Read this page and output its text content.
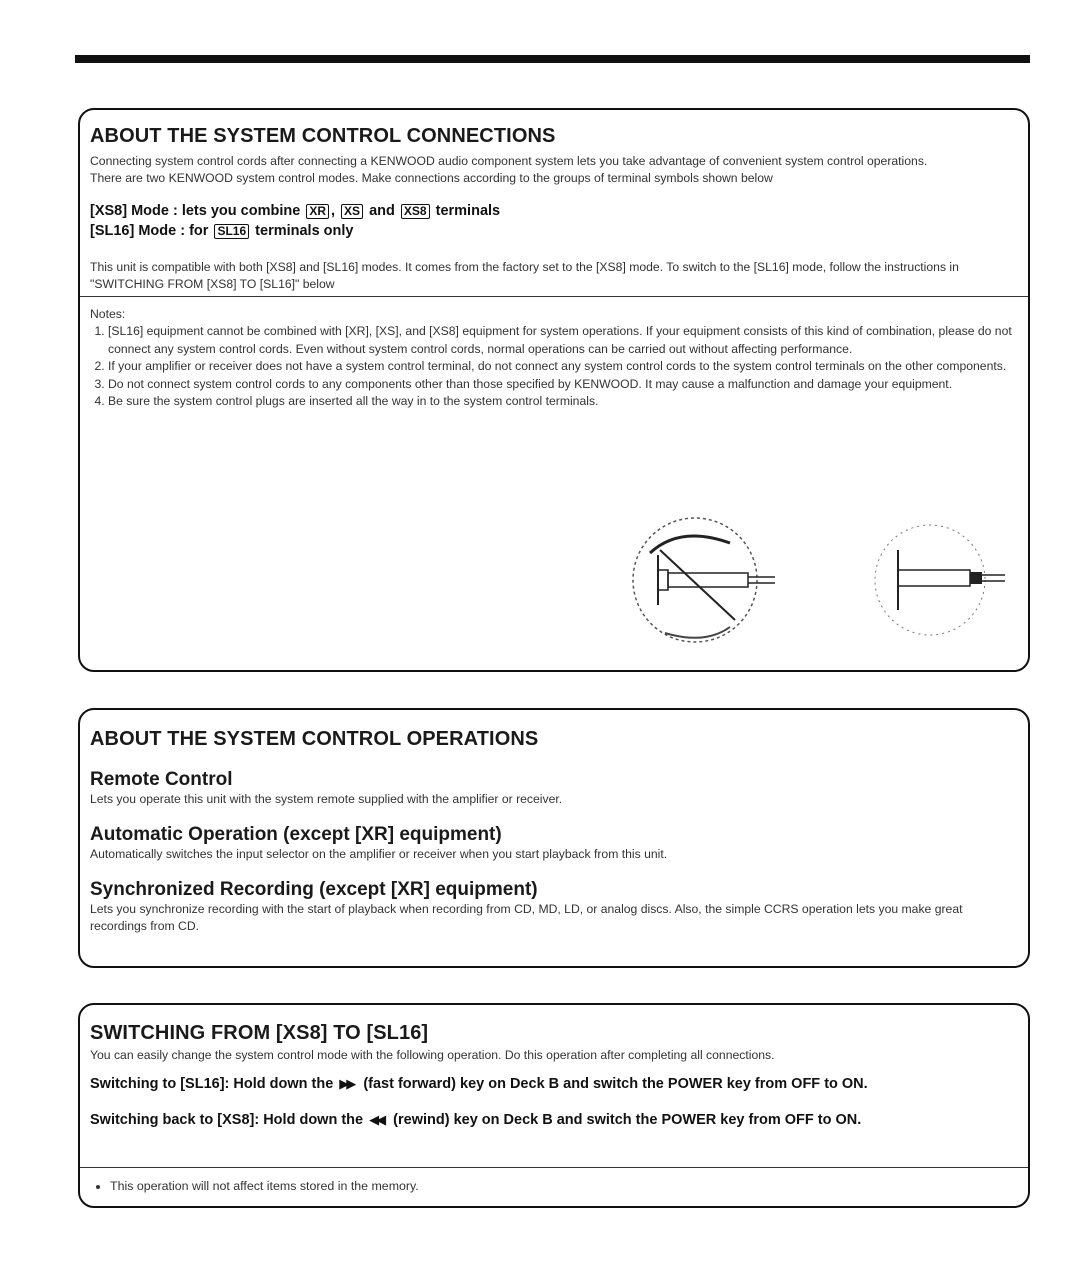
ABOUT THE SYSTEM CONTROL CONNECTIONS

Connecting system control cords after connecting a KENWOOD audio component system lets you take advantage of convenient system control operations.

There are two KENWOOD system control modes. Make connections according to the groups of terminal symbols shown below

[XS8] Mode : lets you combine XR , XS and XS8 terminals
[SL16] Mode : for SL16 terminals only

This unit is compatible with both [XS8] and [SL16] modes. It comes from the factory set to the [XS8] mode. To switch to the [SL16] mode, follow the instructions in "SWITCHING FROM [XS8] TO [SL16]" below

Notes:

1. [SL16] equipment cannot be combined with [XR], [XS], and [XS8] equipment for system operations. If your equipment consists of this kind of combination, please do not connect any system control cords. Even without system control cords, normal operations can be carried out without affecting performance.
2. If your amplifier or receiver does not have a system control terminal, do not connect any system control cords to the system control terminals on the other components.
3. Do not connect system control cords to any components other than those specified by KENWOOD. It may cause a malfunction and damage your equipment.
4. Be sure the system control plugs are inserted all the way in to the system control terminals.
ABOUT THE SYSTEM CONTROL OPERATIONS
Remote Control

Lets you operate this unit with the system remote supplied with the amplifier or receiver.

Automatic Operation (except [XR] equipment)

Automatically switches the input selector on the amplifier or receiver when you start playback from this unit.

Synchronized Recording (except [XR] equipment)

Lets you synchronize recording with the start of playback when recording from CD, MD, LD, or analog discs. Also, the simple CCRS operation lets you make great recordings from CD.

SWITCHING FROM [XS8] TO [SL16]

You can easily change the system control mode with the following operation. Do this operation after completing all connections.

Switching to [SL16]: Hold down the ▶▶ (fast forward) key on Deck B and switch the POWER key from OFF to ON.
Switching back to [XS8]: Hold down the ◀◀ (rewind) key on Deck B and switch the POWER key from OFF to ON.
• This operation will not affect items stored in the memory.
